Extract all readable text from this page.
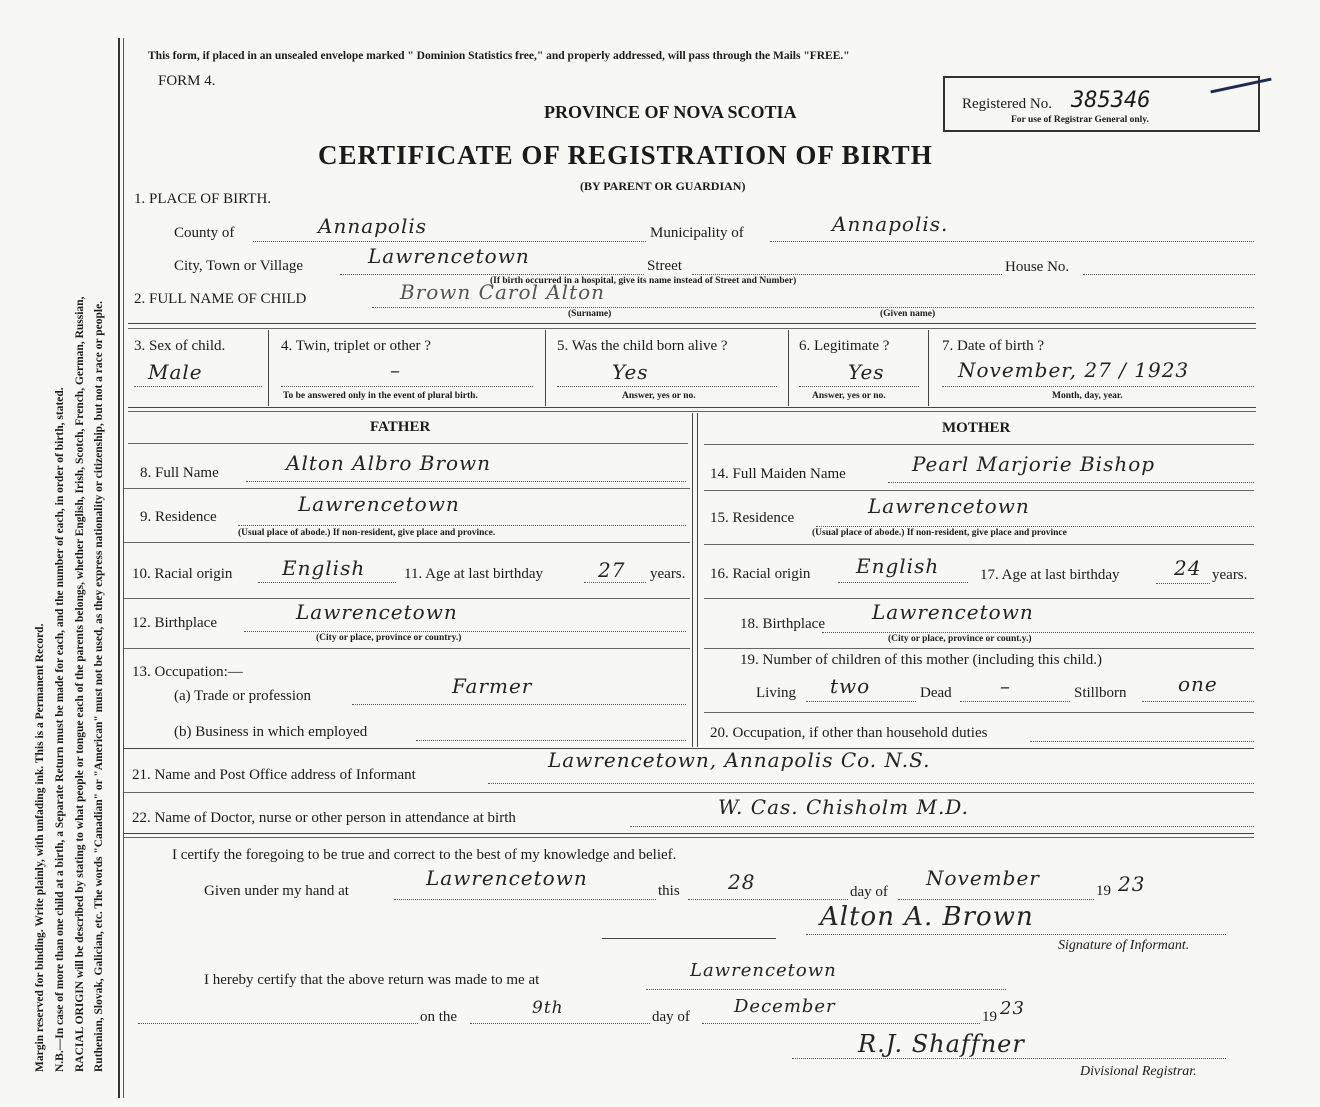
Margin reserved for binding. Write plainly, with unfading ink. This is a Permanent Record. N.B.—In case of more than one child at a birth, a Separate Return must be made for each, and the number of each, in order of birth, stated. RACIAL ORIGIN will be described by stating to what people or tongue each of the parents belongs, whether English, Irish, Scotch, French, German, Russian, Ruthenian, Slovak, Galician, etc. The words "Canadian" or "American" must not be used, as they express nationality or citizenship, but not a race or people.
This form, if placed in an unsealed envelope marked " Dominion Statistics free," and properly addressed, will pass through the Mails "FREE."
FORM 4.
PROVINCE OF NOVA SCOTIA
CERTIFICATE OF REGISTRATION OF BIRTH
(BY PARENT OR GUARDIAN)
Registered No. 385346
For use of Registrar General only.
1. PLACE OF BIRTH.
County of	Annapolis	Municipality of	Annapolis.
City, Town or Village	Lawrencetown	Street	House No.
(If birth occurred in a hospital, give its name instead of Street and Number)
2. FULL NAME OF CHILD	Brown Carol Alton
(Surname)	(Given name)
3. Sex of child.
Male
4. Twin, triplet or other ?
–
To be answered only in the event of plural birth.
5. Was the child born alive ?
Yes
Answer, yes or no.
6. Legitimate ?
Yes
Answer, yes or no.
7. Date of birth ?
November, 27 / 1923
Month, day, year.
FATHER	MOTHER
8. Full Name	Alton Albro Brown	14. Full Maiden Name	Pearl Marjorie Bishop
9. Residence
Lawrencetown
(Usual place of abode.) If non-resident, give place and province.
15. Residence	Lawrencetown
(Usual place of abode.) If non-resident, give place and province
10. Racial origin English	11. Age at last birthday	27 years. 16. Racial origin English	17. Age at last birthday	24 years.
12. Birthplace	Lawrencetown
(City or place, province or country.)
18. Birthplace Lawrencetown
(City or place, province or count.y.)
13. Occupation:—
(a) Trade or profession	Farmer
19. Number of children of this mother (including this child.)
Living two	Dead –	Stillborn	one
(b) Business in which employed	20. Occupation, if other than household duties
21. Name and Post Office address of Informant
Lawrencetown, Annapolis Co. N.S.
22. Name of Doctor, nurse or other person in attendance at birth	W. Cas. Chisholm M.D.
I certify the foregoing to be true and correct to the best of my knowledge and belief.
Given under my hand at
Lawrencetown
this 28	day of
November
19 23
Alton A. Brown
Signature of Informant.
I hereby certify that the above return was made to me at	Lawrencetown
on the	9th	day of December	19 23
R.J. Shaffner
Divisional Registrar.
